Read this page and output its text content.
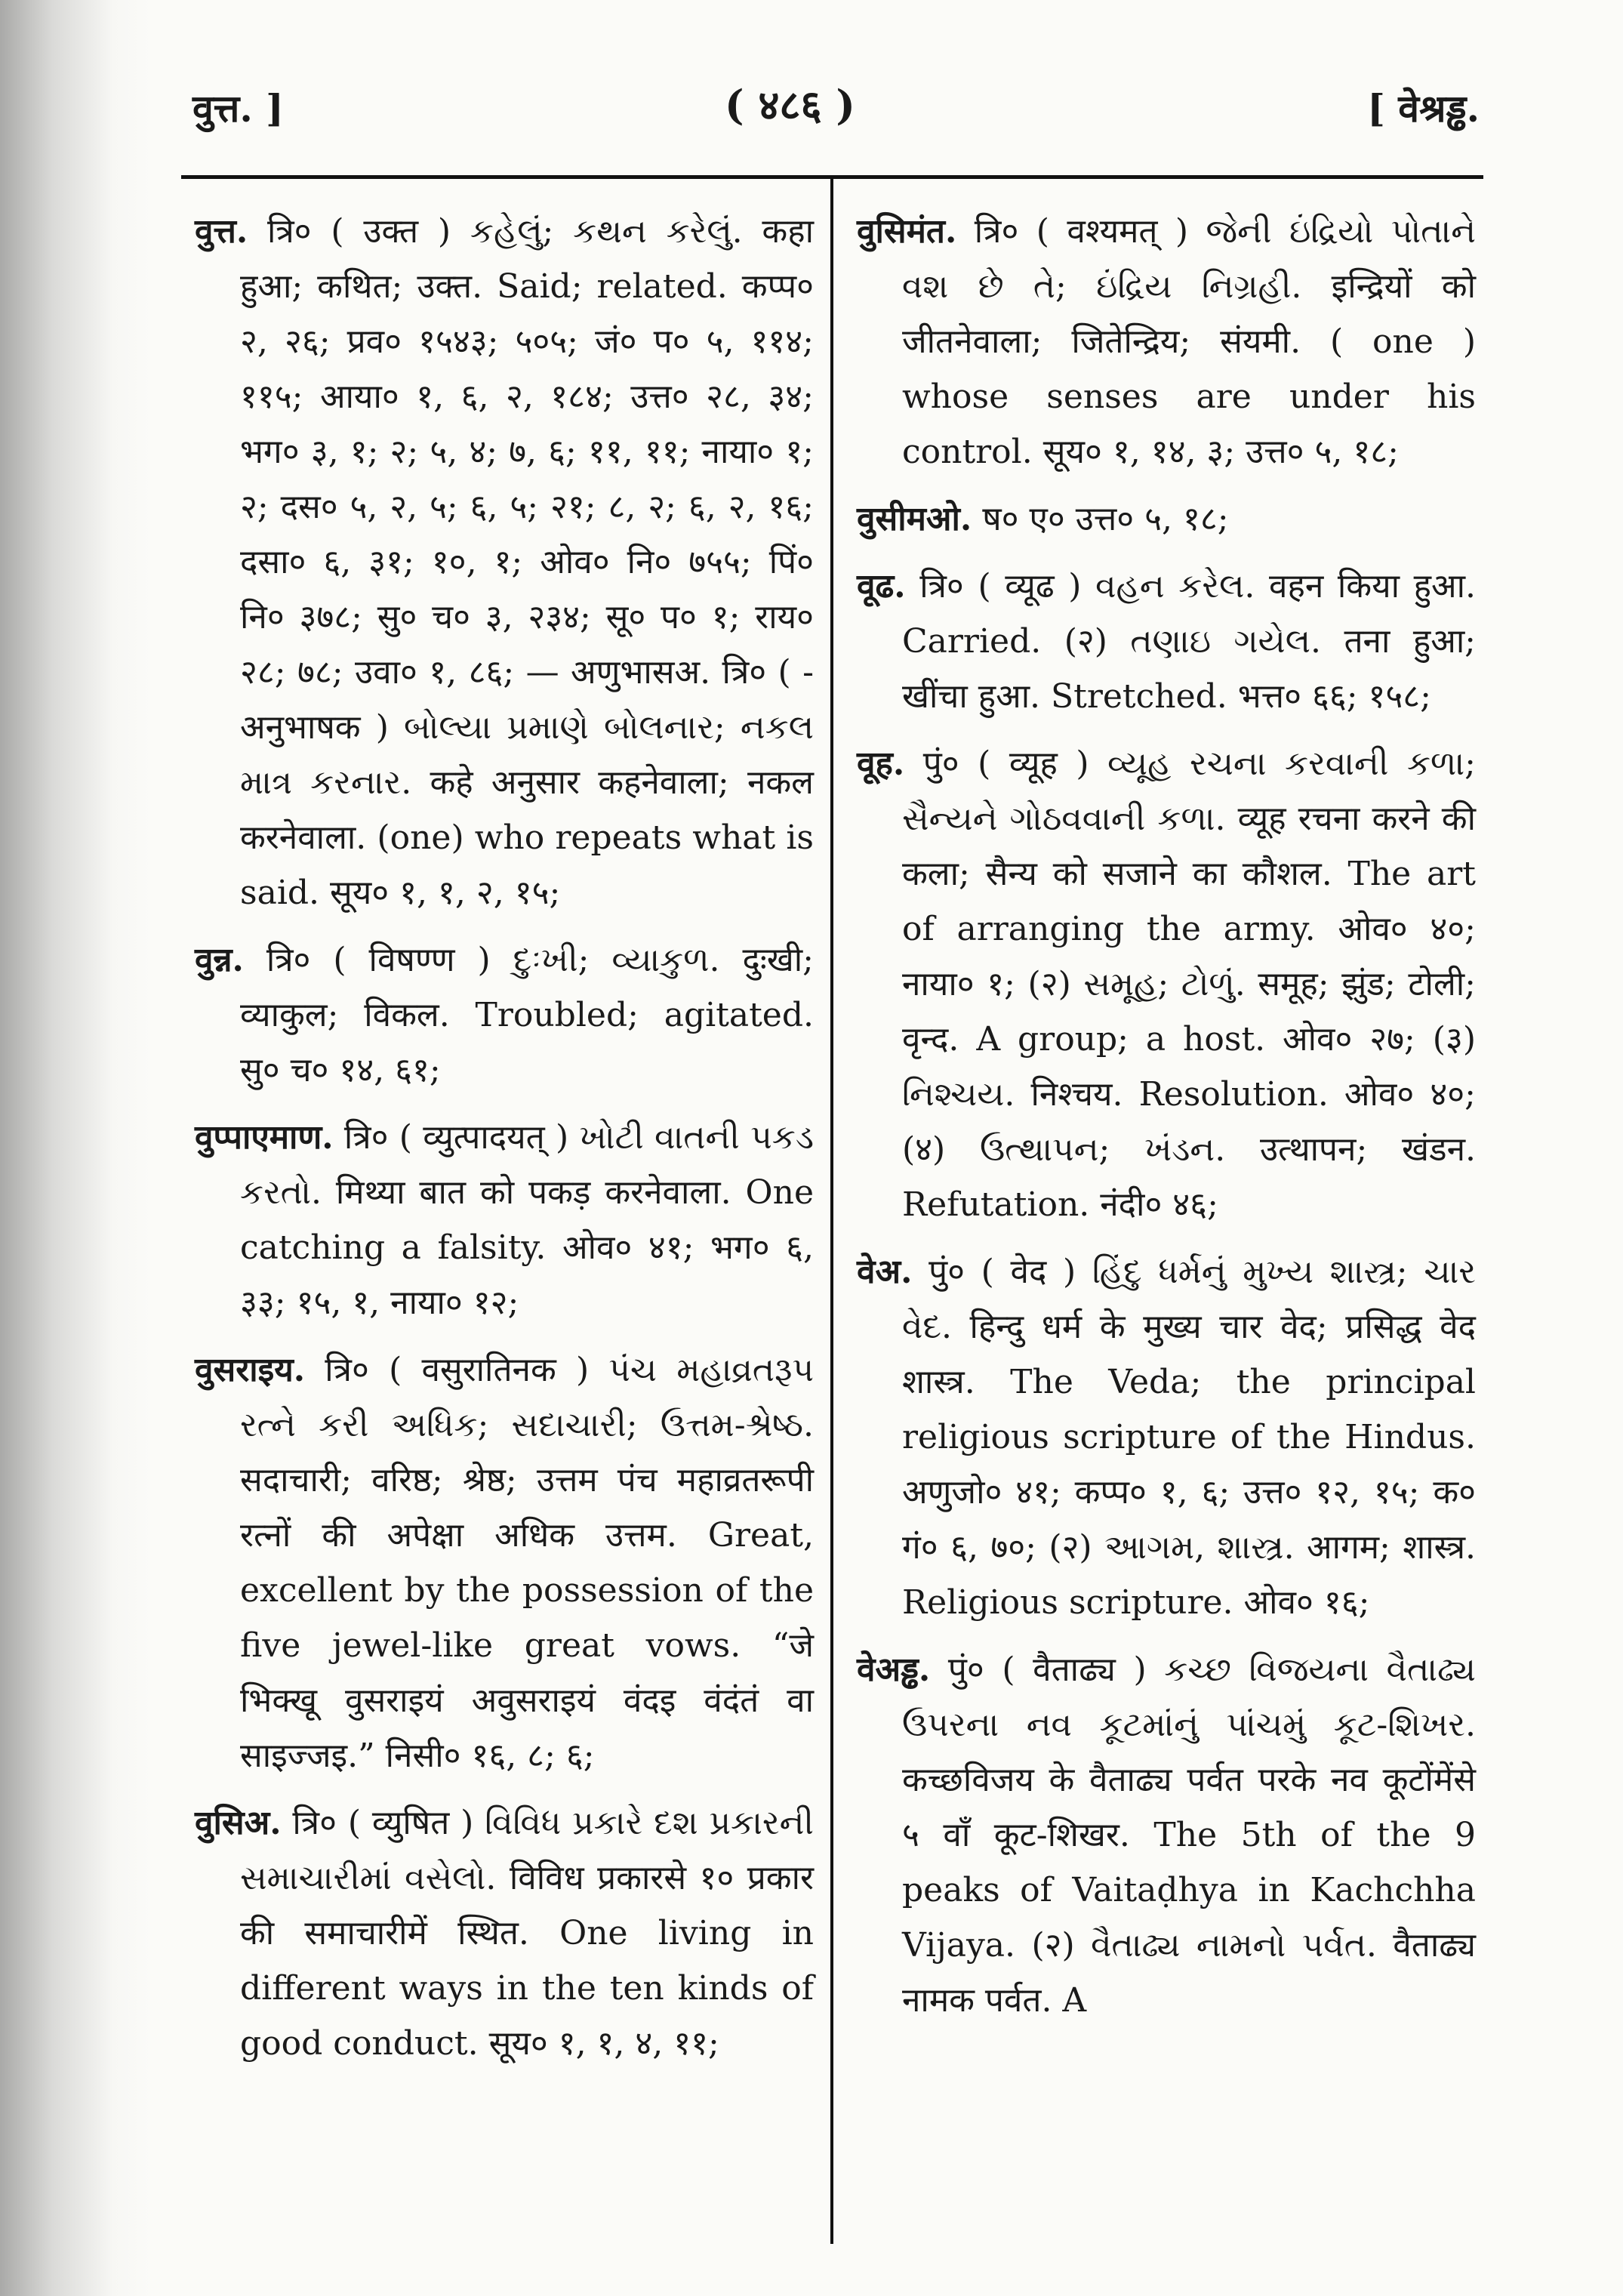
वुत्त. ]	( ४८६ )	[ वेश्रड्ढ.

वुत्त. त्रि० ( उक्त ) કહેલું; કથન કરેલું. कहा हुआ; कथित; उक्त. Said; related. कप्प० २, २६; प्रव० १५४३; ५०५; जं० प० ५, ११४; ११५; आया० १, ६, २, १८४; उत्त० २८, ३४; भग० ३, १; २; ५, ४; ७, ६; ११, ११; नाया० १; २; दस० ५, २, ५; ६, ५; २१; ८, २; ६, २, १६; दसा० ६, ३१; १०, १; ओव० नि० ७५५; पिं० नि० ३७८; सु० च० ३, २३४; सू० प० १; राय० २८; ७८; उवा० १, ८६; — अणुभासअ. त्रि० ( -अनुभाषक ) બોલ્યા પ્રમાણે બોલનાર; નકલ માત્ર કરનાર. कहे अनुसार कहनेवाला; नकल करनेवाला. (one) who repeats what is said. सूय० १, १, २, १५;

वुन्न. त्रि० ( विषण्ण ) દુઃખી; વ્યાકુળ. दुःखी; व्याकुल; विकल. Troubled; agitated. सु० च० १४, ६१;

वुप्पाएमाण. त्रि० ( व्युत्पादयत् ) ખોટી વાતની પકડ કરતો. मिथ्या बात को पकड़ करनेवाला. One catching a falsity. ओव० ४१; भग० ६, ३३; १५, १, नाया० १२;

वुसराइय. त्रि० ( वसुरातिनक ) પંચ મહાવ્રતરૂપ રત્ને કરી અધિક; સદાચારી; ઉત્તમ-શ્રેષ્ઠ. सदाचारी; वरिष्ठ; श्रेष्ठ; उत्तम पंच महाव्रतरूपी रत्नों की अपेक्षा अधिक उत्तम. Great, excellent by the possession of the five jewel-like great vows. “जे भिक्खू वुसराइयं अवुसराइयं वंदइ वंदंतं वा साइज्जइ.” निसी० १६, ८; ६;

वुसिअ. त्रि० ( व्युषित ) વિવિધ પ્રકારે દશ પ્રકારની સમાચારીમાં વસેલો. विविध प्रकारसे १० प्रकार की समाचारीमें स्थित. One living in different ways in the ten kinds of good conduct. सूय० १, १, ४, ११;

वुसिमंत. त्रि० ( वश्यमत् ) જેની ઇંદ્રિયો પોતાને વશ છે તે; ઇંદ્રિય નિગ્રહી. इन्द्रियों को जीतनेवाला; जितेन्द्रिय; संयमी. ( one ) whose senses are under his control. सूय० १, १४, ३; उत्त० ५, १८;

वुसीमओ. ष० ए० उत्त० ५, १८;

वूढ. त्रि० ( व्यूढ ) વહન કરેલ. वहन किया हुआ. Carried. (२) તણાઇ ગયેલ. तना हुआ; खींचा हुआ. Stretched. भत्त० ६६; १५८;

वूह. पुं० ( व्यूह ) વ્યૂહ રચના કરવાની કળા; સૈન્યને ગોઠવવાની કળા. व्यूह रचना करने की कला; सैन्य को सजाने का कौशल. The art of arranging the army. ओव० ४०; नाया० १; (२) સમૂહ; ટોળું. समूह; झुंड; टोली; वृन्द. A group; a host. ओव० २७; (३) નિશ્ચય. निश्चय. Resolution. ओव० ४०; (४) ઉત્થાપન; ખંડન. उत्थापन; खंडन. Refutation. नंदी० ४६;

वेअ. पुं० ( वेद ) હિંદુ ધર્મનું મુખ્ય શાસ્ત્ર; ચાર વેદ. हिन्दु धर्म के मुख्य चार वेद; प्रसिद्ध वेद शास्त्र. The Veda; the principal religious scripture of the Hindus. अणुजो० ४१; कप्प० १, ६; उत्त० १२, १५; क० गं० ६, ७०; (२) આગમ, શાસ્ત્ર. आगम; शास्त्र. Religious scripture. ओव० १६;

वेअड्ढ. पुं० ( वैताढ्य ) કચ્છ વિજયના વૈતાઢ્ય ઉપરના નવ કૂટમાંનું પાંચમું કૂટ-શિખર. कच्छविजय के वैताढ्य पर्वत परके नव कूटोंमेंसे ५ वाँ कूट-शिखर. The 5th of the 9 peaks of Vaitaḍhya in Kachchha Vijaya. (२) વૈતાઢ્ય નામનો પર્વત. वैताढ्य नामक पर्वत. A
